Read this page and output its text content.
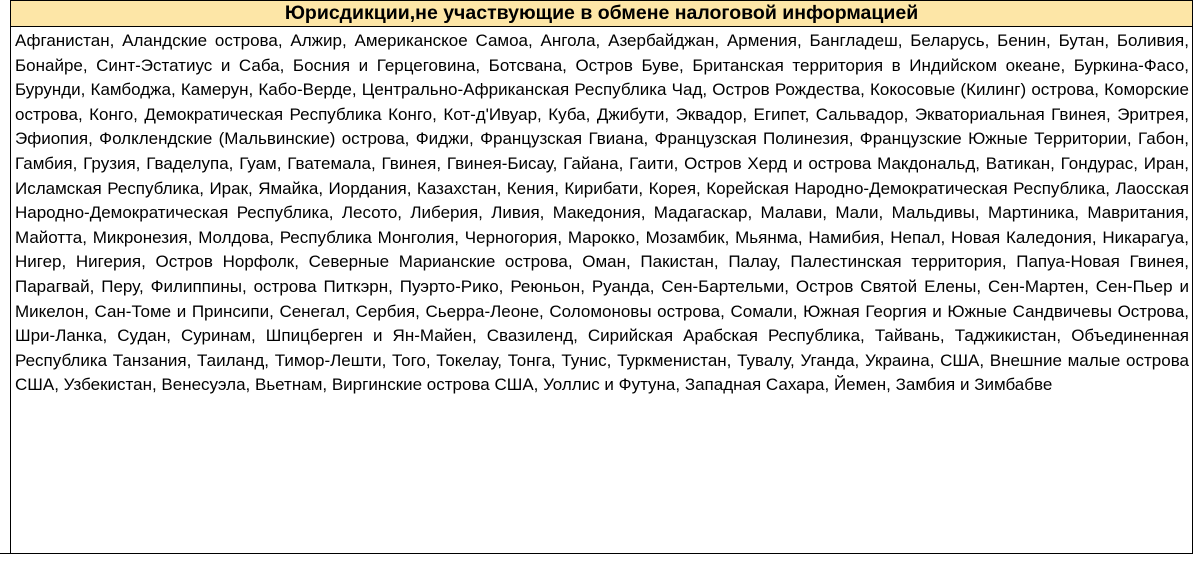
Юрисдикции,не участвующие в обмене налоговой информацией

Афганистан, Аландские острова, Алжир, Американское Самоа, Ангола, Азербайджан, Армения, Бангладеш, Беларусь, Бенин, Бутан, Боливия, Бонайре, Синт-Эстатиус и Саба, Босния и Герцеговина, Ботсвана, Остров Буве, Британская территория в Индийском океане, Буркина-Фасо, Бурунди, Камбоджа, Камерун, Кабо-Верде, Центрально-Африканская Республика Чад, Остров Рождества, Кокосовые (Килинг) острова, Коморские острова, Конго, Демократическая Республика Конго, Кот-д'Ивуар, Куба, Джибути, Эквадор, Египет, Сальвадор, Экваториальная Гвинея, Эритрея, Эфиопия, Фолклендские (Мальвинские) острова, Фиджи, Французская Гвиана, Французская Полинезия, Французские Южные Территории, Габон, Гамбия, Грузия, Гваделупа, Гуам, Гватемала, Гвинея, Гвинея-Бисау, Гайана, Гаити, Остров Херд и острова Макдональд, Ватикан, Гондурас, Иран, Исламская Республика, Ирак, Ямайка, Иордания, Казахстан, Кения, Кирибати, Корея, Корейская Народно-Демократическая Республика, Лаосская Народно-Демократическая Республика, Лесото, Либерия, Ливия, Македония, Мадагаскар, Малави, Мали, Мальдивы, Мартиника, Мавритания, Майотта, Микронезия, Молдова, Республика Монголия, Черногория, Марокко, Мозамбик, Мьянма, Намибия, Непал, Новая Каледония, Никарагуа, Нигер, Нигерия, Остров Норфолк, Северные Марианские острова, Оман, Пакистан, Палау, Палестинская территория, Папуа-Новая Гвинея, Парагвай, Перу, Филиппины, острова Питкэрн, Пуэрто-Рико, Реюньон, Руанда, Сен-Бартельми, Остров Святой Елены, Сен-Мартен, Сен-Пьер и Микелон, Сан-Томе и Принсипи, Сенегал, Сербия, Сьерра-Леоне, Соломоновы острова, Сомали, Южная Георгия и Южные Сандвичевы Острова, Шри-Ланка, Судан, Суринам, Шпицберген и Ян-Майен, Свазиленд, Сирийская Арабская Республика, Тайвань, Таджикистан, Объединенная Республика Танзания, Таиланд, Тимор-Лешти, Того, Токелау, Тонга, Тунис, Туркменистан, Тувалу, Уганда, Украина, США, Внешние малые острова США, Узбекистан, Венесуэла, Вьетнам, Виргинские острова США, Уоллис и Футуна, Западная Сахара, Йемен, Замбия и Зимбабве
